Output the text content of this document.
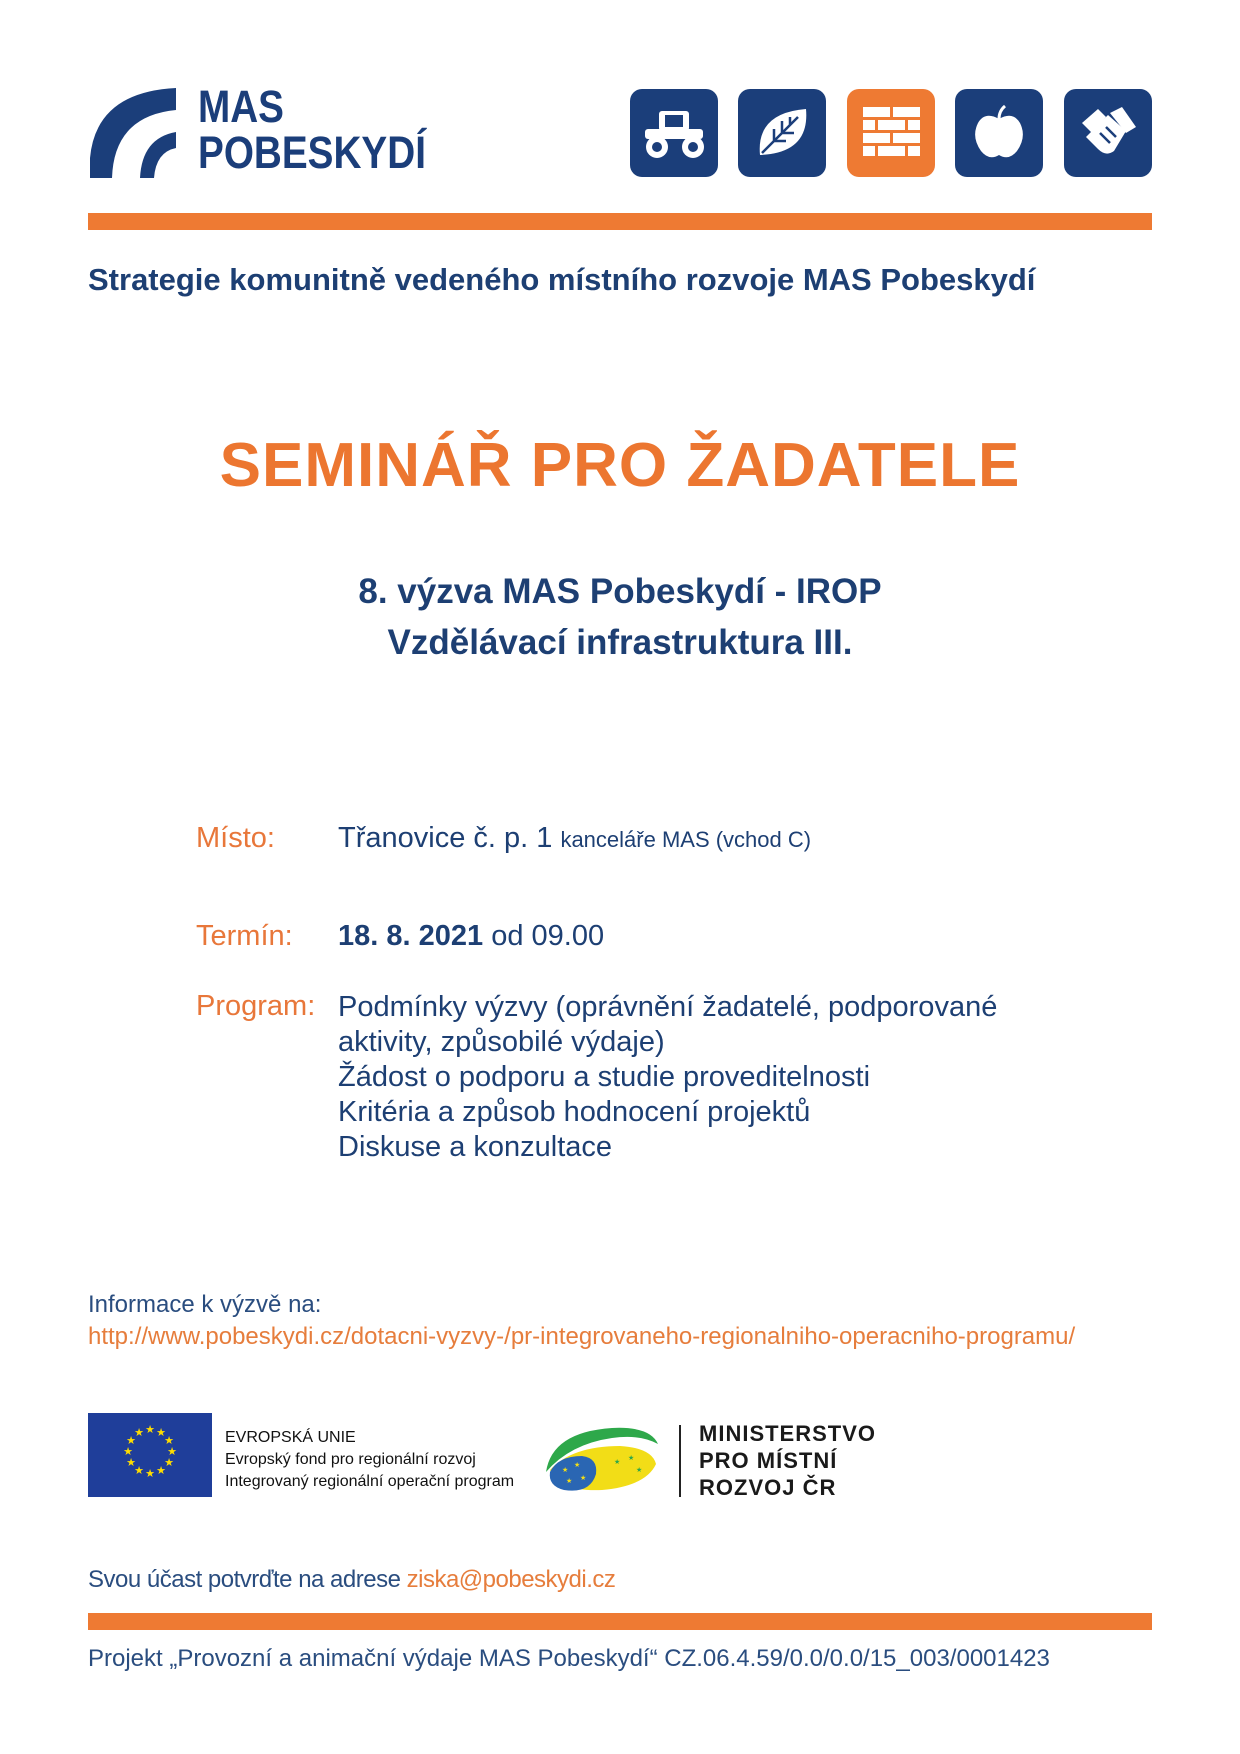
MAS
POBESKYDÍ
Strategie komunitně vedeného místního rozvoje MAS Pobeskydí
SEMINÁŘ PRO ŽADATELE
8. výzva MAS Pobeskydí - IROP
Vzdělávací infrastruktura III.
Místo: Třanovice č. p. 1 kanceláře MAS (vchod C)
Termín: 18. 8. 2021 od 09.00
Program: Podmínky výzvy (oprávnění žadatelé, podporované
aktivity, způsobilé výdaje)
Žádost o podporu a studie proveditelnosti
Kritéria a způsob hodnocení projektů
Diskuse a konzultace
Informace k výzvě na:
http://www.pobeskydi.cz/dotacni-vyzvy-/pr-integrovaneho-regionalniho-operacniho-programu/
★ ★
★
★
★
★
★
★
★
★
★
★	EVROPSKÁ UNIE
Evropský fond pro regionální rozvoj
Integrovaný regionální operační program
★
★
★
★
★ ★
★
MINISTERSTVO
PRO MÍSTNÍ
ROZVOJ ČR
Svou účast potvrďte na adrese ziska@pobeskydi.cz
Projekt „Provozní a animační výdaje MAS Pobeskydí“ CZ.06.4.59/0.0/0.0/15_003/0001423
